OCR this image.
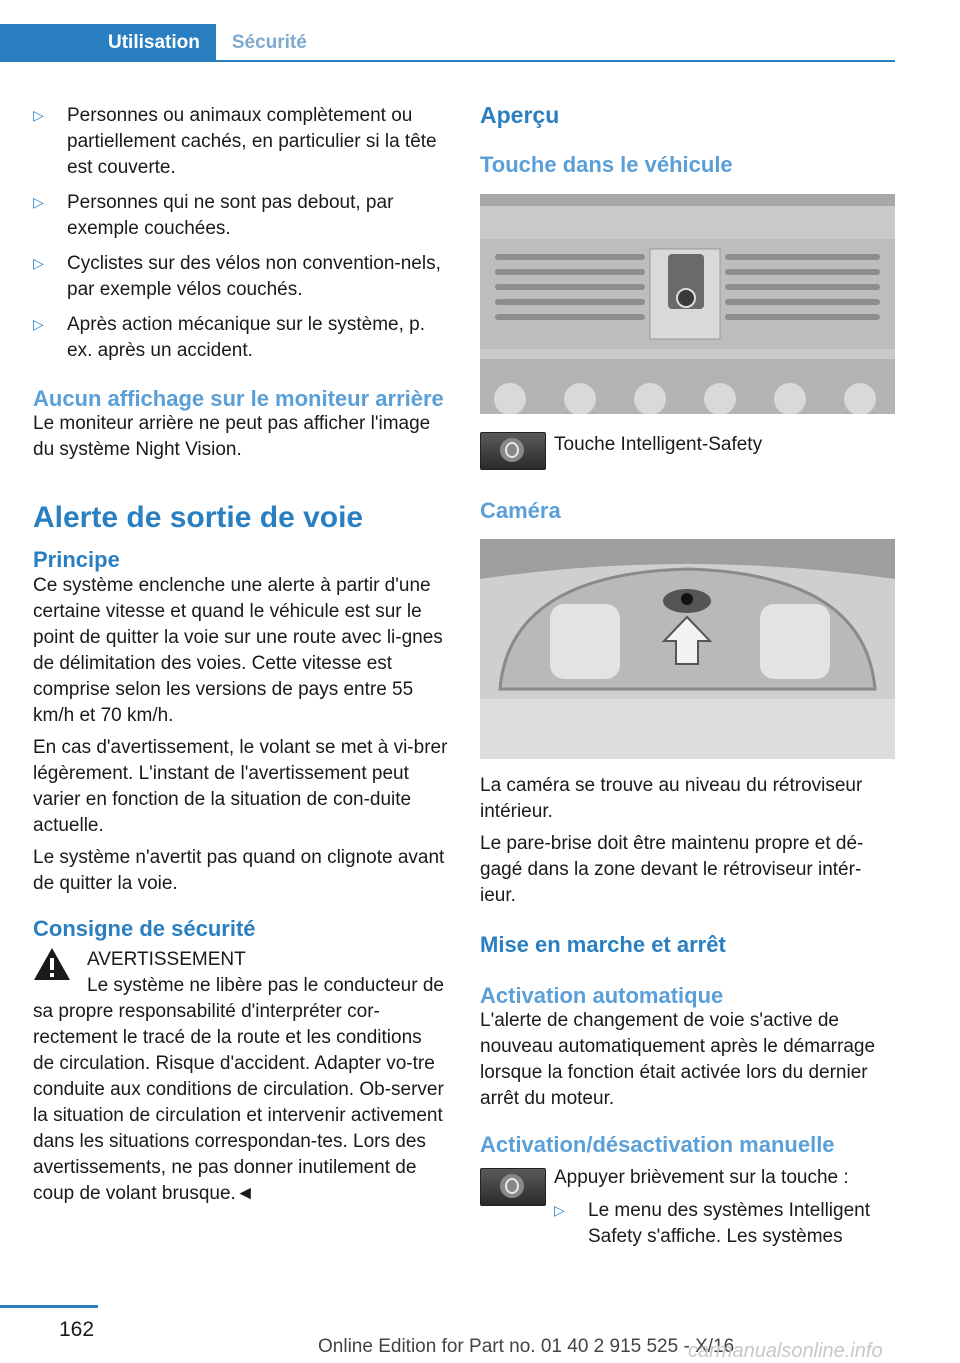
Utilisation	Sécurité
▷ Personnes ou animaux complètement ou partiellement cachés, en particulier si la tête est couverte.
▷ Personnes qui ne sont pas debout, par exemple couchées.
▷ Cyclistes sur des vélos non convention-nels, par exemple vélos couchés.
▷ Après action mécanique sur le système, p. ex. après un accident.
Aucun affichage sur le moniteur arrière

Le moniteur arrière ne peut pas afficher l'image du système Night Vision.

Alerte de sortie de voie
Principe

Ce système enclenche une alerte à partir d'une certaine vitesse et quand le véhicule est sur le point de quitter la voie sur une route avec li-gnes de délimitation des voies. Cette vitesse est comprise selon les versions de pays entre 55 km/h et 70 km/h.

En cas d'avertissement, le volant se met à vi-brer légèrement. L'instant de l'avertissement peut varier en fonction de la situation de con-duite actuelle.

Le système n'avertit pas quand on clignote avant de quitter la voie.

Consigne de sécurité

AVERTISSEMENT

Le système ne libère pas le conducteur de sa propre responsabilité d'interpréter cor-rectement le tracé de la route et les conditions de circulation. Risque d'accident. Adapter vo-tre conduite aux conditions de circulation. Ob-server la situation de circulation et intervenir activement dans les situations correspondan-tes. Lors des avertissements, ne pas donner inutilement de coup de volant brusque.◄

Aperçu
Touche dans le véhicule
Touche Intelligent-Safety
Caméra

La caméra se trouve au niveau du rétroviseur intérieur.

Le pare-brise doit être maintenu propre et dé-gagé dans la zone devant le rétroviseur intér-ieur.

Mise en marche et arrêt
Activation automatique

L'alerte de changement de voie s'active de nouveau automatiquement après le démarrage lorsque la fonction était activée lors du dernier arrêt du moteur.

Activation/désactivation manuelle

Appuyer brièvement sur la touche :

▷ Le menu des systèmes Intelligent Safety s'affiche. Les systèmes
162
Online Edition for Part no. 01 40 2 915 525 - X/16
carmanualsonline.info
